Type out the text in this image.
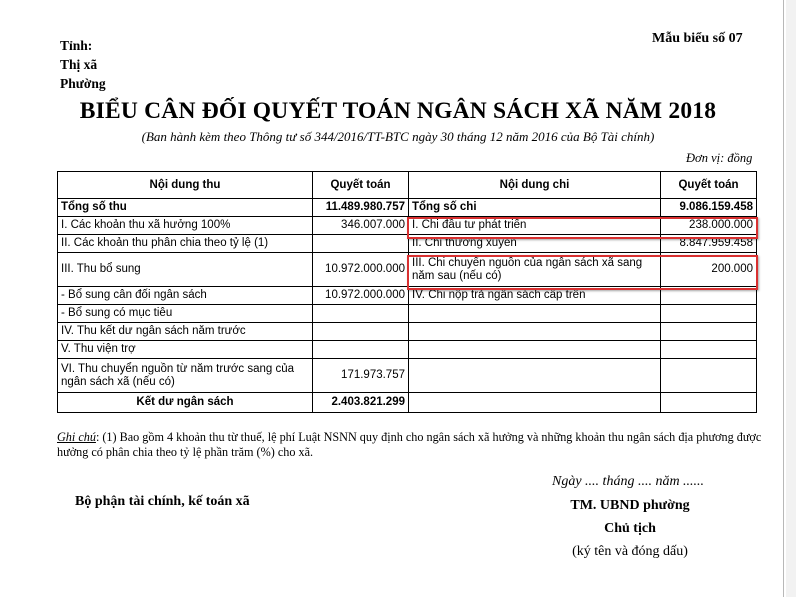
Tỉnh:
Thị xã
Phường
Mẫu biểu số 07
BIỂU CÂN ĐỐI QUYẾT TOÁN NGÂN SÁCH XÃ NĂM 2018
(Ban hành kèm theo Thông tư số 344/2016/TT-BTC ngày 30 tháng 12 năm 2016 của Bộ Tài chính)
Đơn vị: đồng
Nội dung thu	Quyết toán	Nội dung chi	Quyết toán
Tổng số thu	11.489.980.757	Tổng số chi	9.086.159.458
I. Các khoản thu xã hưởng 100%	346.007.000	I. Chi đầu tư phát triển	238.000.000
II. Các khoản thu phân chia theo tỷ lệ (1)		II. Chi thường xuyên	8.847.959.458
III. Thu bổ sung	10.972.000.000	III. Chi chuyển nguồn của ngân sách xã sang năm sau (nếu có)	200.000
- Bổ sung cân đối ngân sách	10.972.000.000	IV. Chi nộp trả ngân sách cấp trên	
- Bổ sung có mục tiêu			
IV. Thu kết dư ngân sách năm trước			
V. Thu viện trợ			
VI. Thu chuyển nguồn từ năm trước sang của ngân sách xã (nếu có)	171.973.757		
Kết dư ngân sách	2.403.821.299		
Ghi chú: (1) Bao gồm 4 khoản thu từ thuế, lệ phí Luật NSNN quy định cho ngân sách xã hưởng và những khoản thu ngân sách địa phương được hưởng có phân chia theo tỷ lệ phần trăm (%) cho xã.
Ngày .... tháng .... năm ......
Bộ phận tài chính, kế toán xã	TM. UBND phường
Chủ tịch
(ký tên và đóng dấu)
